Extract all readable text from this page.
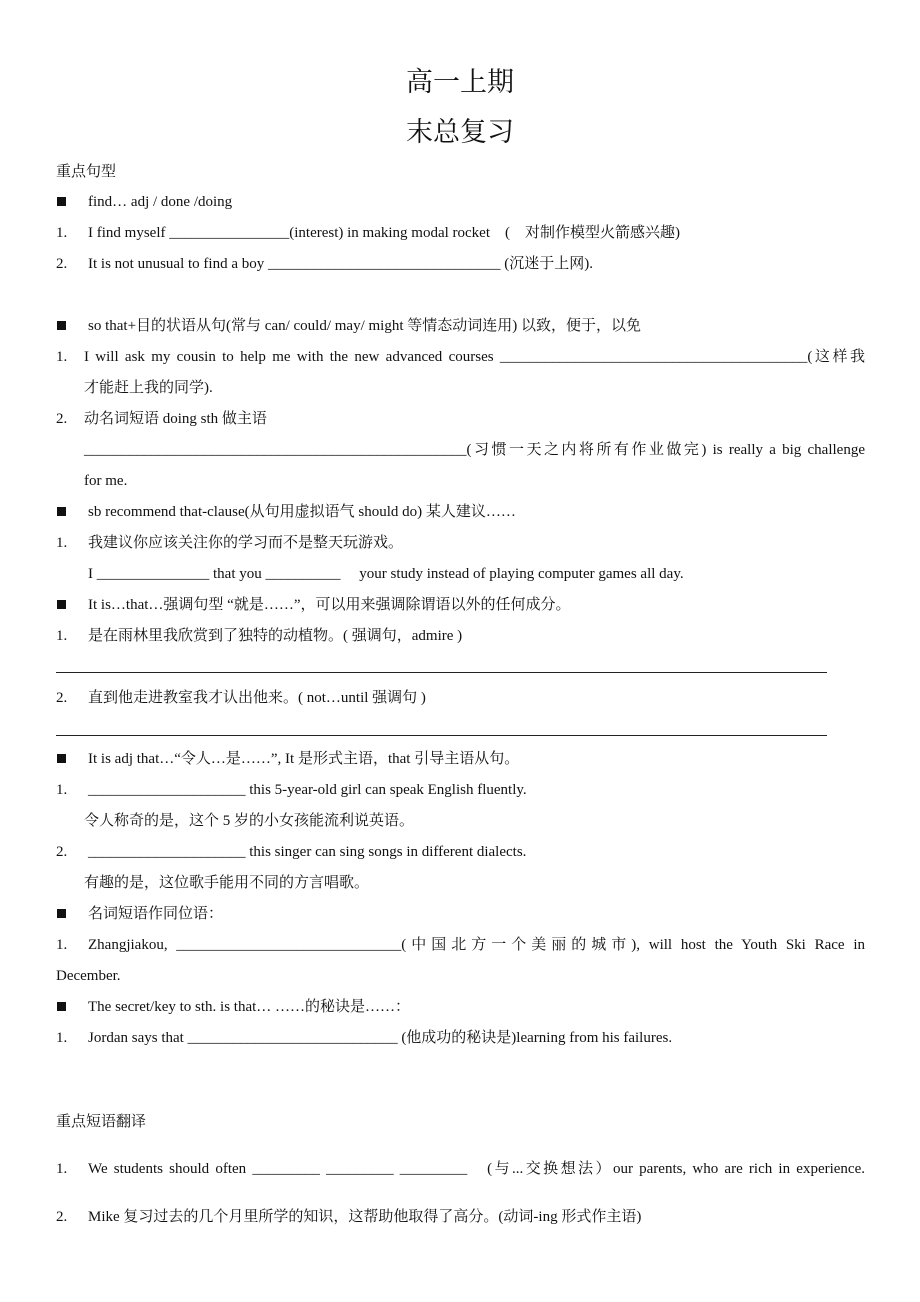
高一上期
末总复习
重点句型
find… adj / done /doing
1. I find myself ________________(interest) in making modal rocket　(　对制作模型火箭感兴趣)
2. It is not unusual to find a boy _______________________________ (沉迷于上网).
so that+目的状语从句(常与 can/ could/ may/ might 等情态动词连用) 以致，便于，以免
1. I will ask my cousin to help me with the new advanced courses _________________________________________(这样我
才能赶上我的同学).
2. 动名词短语 doing sth 做主语
___________________________________________________(习惯一天之内将所有作业做完) is really a big challenge
for me.
sb recommend that-clause(从句用虚拟语气 should do) 某人建议……
1. 我建议你应该关注你的学习而不是整天玩游戏。
I _______________ that you __________　 your study instead of playing computer games all day.
It is…that…强调句型 “就是……”，可以用来强调除谓语以外的任何成分。
1. 是在雨林里我欣赏到了独特的动植物。( 强调句，admire )
2. 直到他走进教室我才认出他来。( not…until 强调句 )
It is adj that…“令人…是……”, It 是形式主语，that 引导主语从句。
1. _____________________ this 5-year-old girl can speak English fluently.
令人称奇的是，这个 5 岁的小女孩能流利说英语。
2. _____________________ this singer can sing songs in different dialects.
有趣的是，这位歌手能用不同的方言唱歌。
名词短语作同位语：
1. Zhangjiakou, ______________________________(中国北方一个美丽的城市), will host the Youth Ski Race in
December.
The secret/key to sth. is that… ……的秘诀是……：
1. Jordan says that ____________________________ (他成功的秘诀是)learning from his failures.
重点短语翻译
1. We students should often _________ _________ _________　(与...交换想法）our parents, who are rich in experience.
2. Mike 复习过去的几个月里所学的知识，这帮助他取得了高分。(动词-ing 形式作主语)
